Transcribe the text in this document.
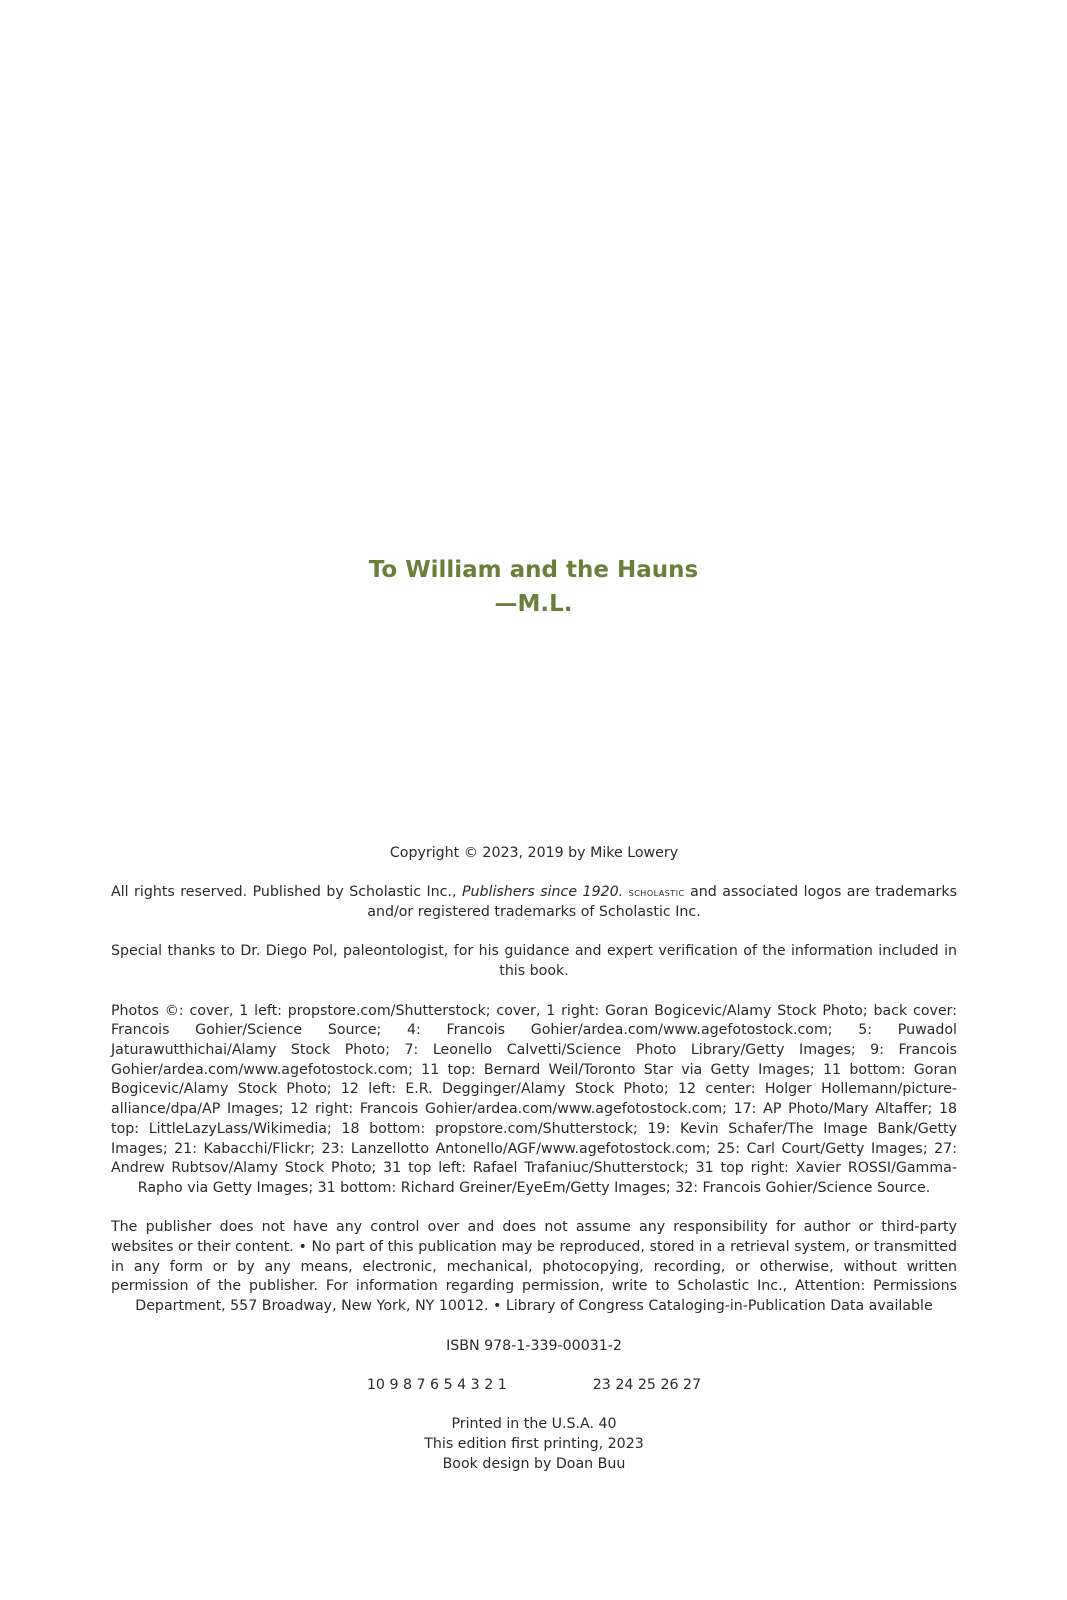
To William and the Hauns
—M.L.

Copyright © 2023, 2019 by Mike Lowery

All rights reserved. Published by Scholastic Inc., Publishers since 1920. scholastic and associated logos are trademarks and/or registered trademarks of Scholastic Inc.

Special thanks to Dr. Diego Pol, paleontologist, for his guidance and expert verification of the information included in this book.

Photos ©: cover, 1 left: propstore.com/Shutterstock; cover, 1 right: Goran Bogicevic/Alamy Stock Photo; back cover: Francois Gohier/Science Source; 4: Francois Gohier/ardea.com/www.agefotostock.com; 5: Puwadol Jaturawutthichai/Alamy Stock Photo; 7: Leonello Calvetti/Science Photo Library/Getty Images; 9: Francois Gohier/ardea.com/www.agefotostock.com; 11 top: Bernard Weil/Toronto Star via Getty Images; 11 bottom: Goran Bogicevic/Alamy Stock Photo; 12 left: E.R. Degginger/Alamy Stock Photo; 12 center: Holger Hollemann/picture-alliance/dpa/AP Images; 12 right: Francois Gohier/ardea.com/www.agefotostock.com; 17: AP Photo/Mary Altaffer; 18 top: LittleLazyLass/Wikimedia; 18 bottom: propstore.com/Shutterstock; 19: Kevin Schafer/The Image Bank/Getty Images; 21: Kabacchi/Flickr; 23: Lanzellotto Antonello/AGF/www.agefotostock.com; 25: Carl Court/Getty Images; 27: Andrew Rubtsov/Alamy Stock Photo; 31 top left: Rafael Trafaniuc/Shutterstock; 31 top right: Xavier ROSSI/Gamma-Rapho via Getty Images; 31 bottom: Richard Greiner/EyeEm/Getty Images; 32: Francois Gohier/Science Source.

The publisher does not have any control over and does not assume any responsibility for author or third-party websites or their content. • No part of this publication may be reproduced, stored in a retrieval system, or transmitted in any form or by any means, electronic, mechanical, photocopying, recording, or otherwise, without written permission of the publisher. For information regarding permission, write to Scholastic Inc., Attention: Permissions Department, 557 Broadway, New York, NY 10012. • Library of Congress Cataloging-in-Publication Data available

ISBN 978-1-339-00031-2

10 9 8 7 6 5 4 3 2 1	23 24 25 26 27

Printed in the U.S.A. 40

This edition first printing, 2023

Book design by Doan Buu
